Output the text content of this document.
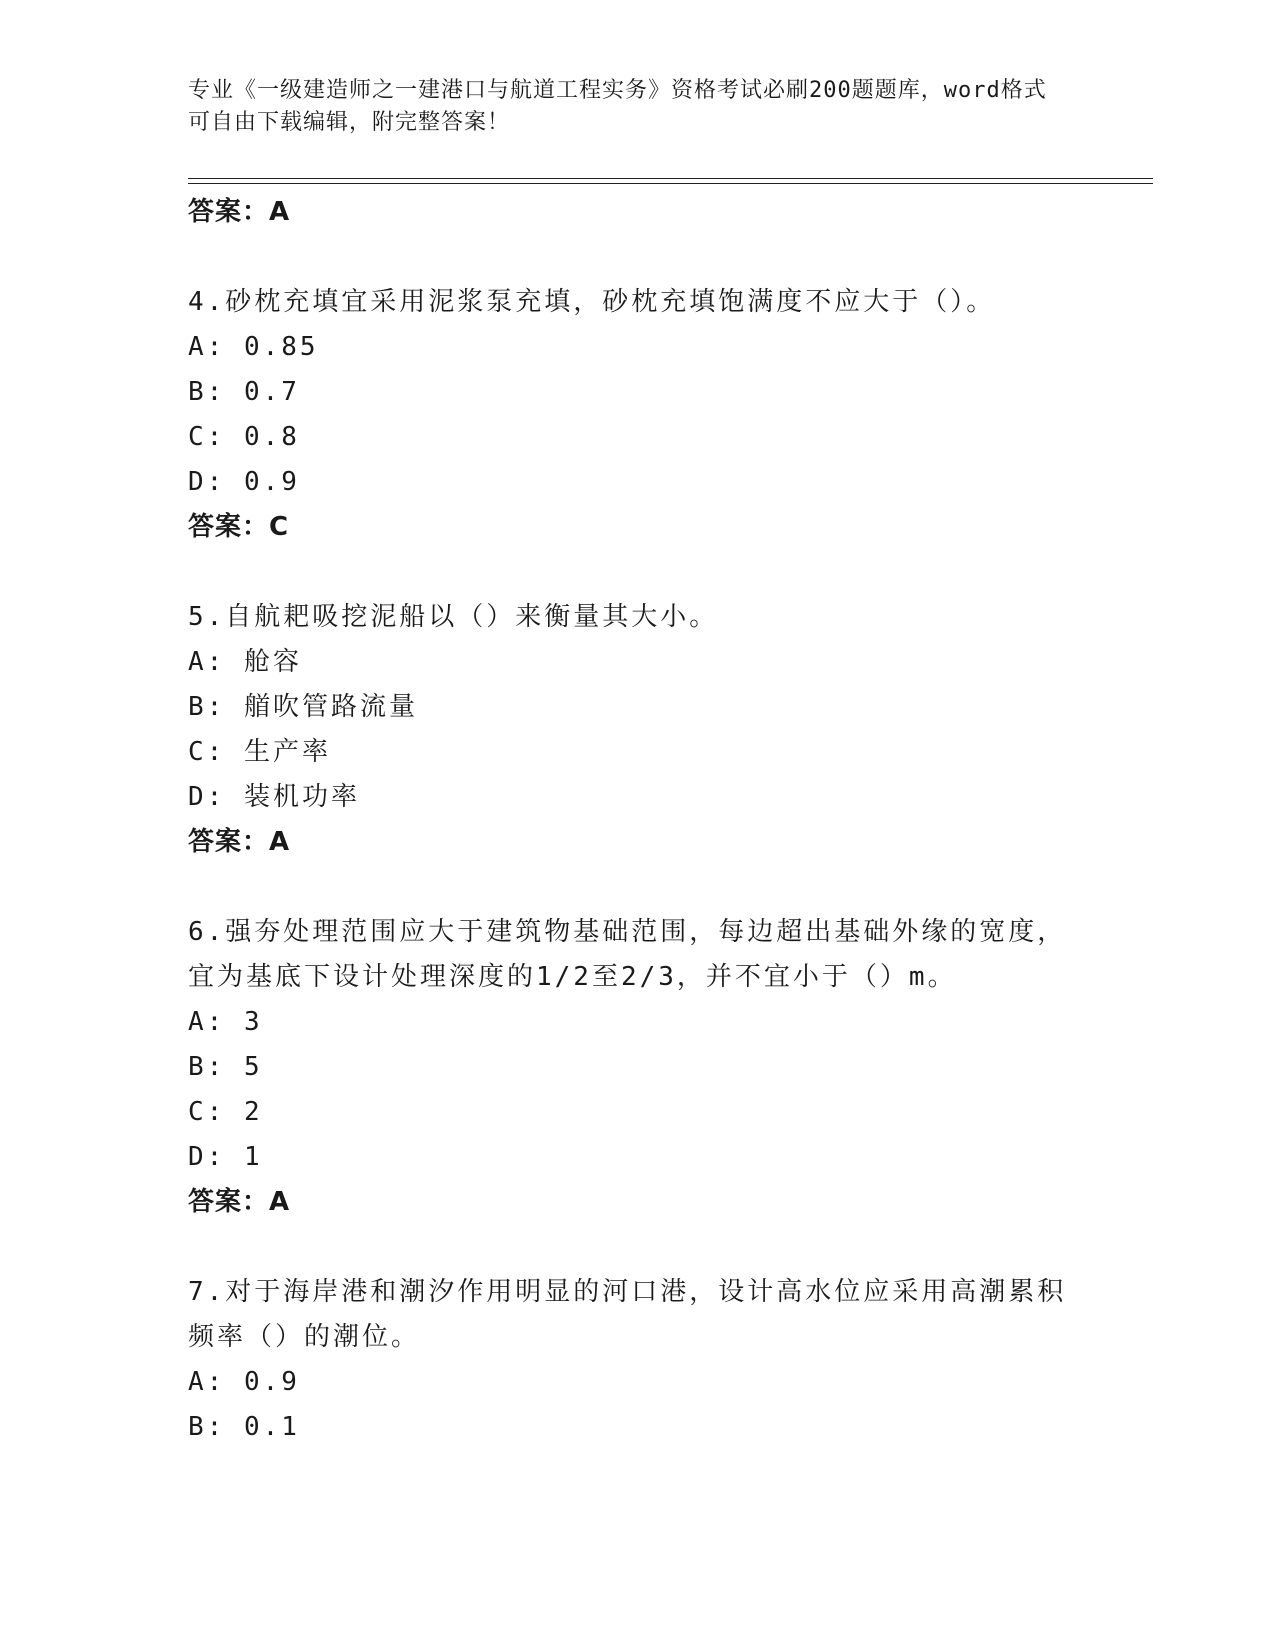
专业《一级建造师之一建港口与航道工程实务》资格考试必刷200题题库，word格式可自由下载编辑，附完整答案！
答案：A
4.砂枕充填宜采用泥浆泵充填，砂枕充填饱满度不应大于（）。
A: 0.85
B: 0.7
C: 0.8
D: 0.9
答案：C
5.自航耙吸挖泥船以（）来衡量其大小。
A: 舱容
B: 艏吹管路流量
C: 生产率
D: 装机功率
答案：A
6.强夯处理范围应大于建筑物基础范围，每边超出基础外缘的宽度，宜为基底下设计处理深度的1/2至2/3，并不宜小于（）m。
A: 3
B: 5
C: 2
D: 1
答案：A
7.对于海岸港和潮汐作用明显的河口港，设计高水位应采用高潮累积频率（）的潮位。
A: 0.9
B: 0.1
